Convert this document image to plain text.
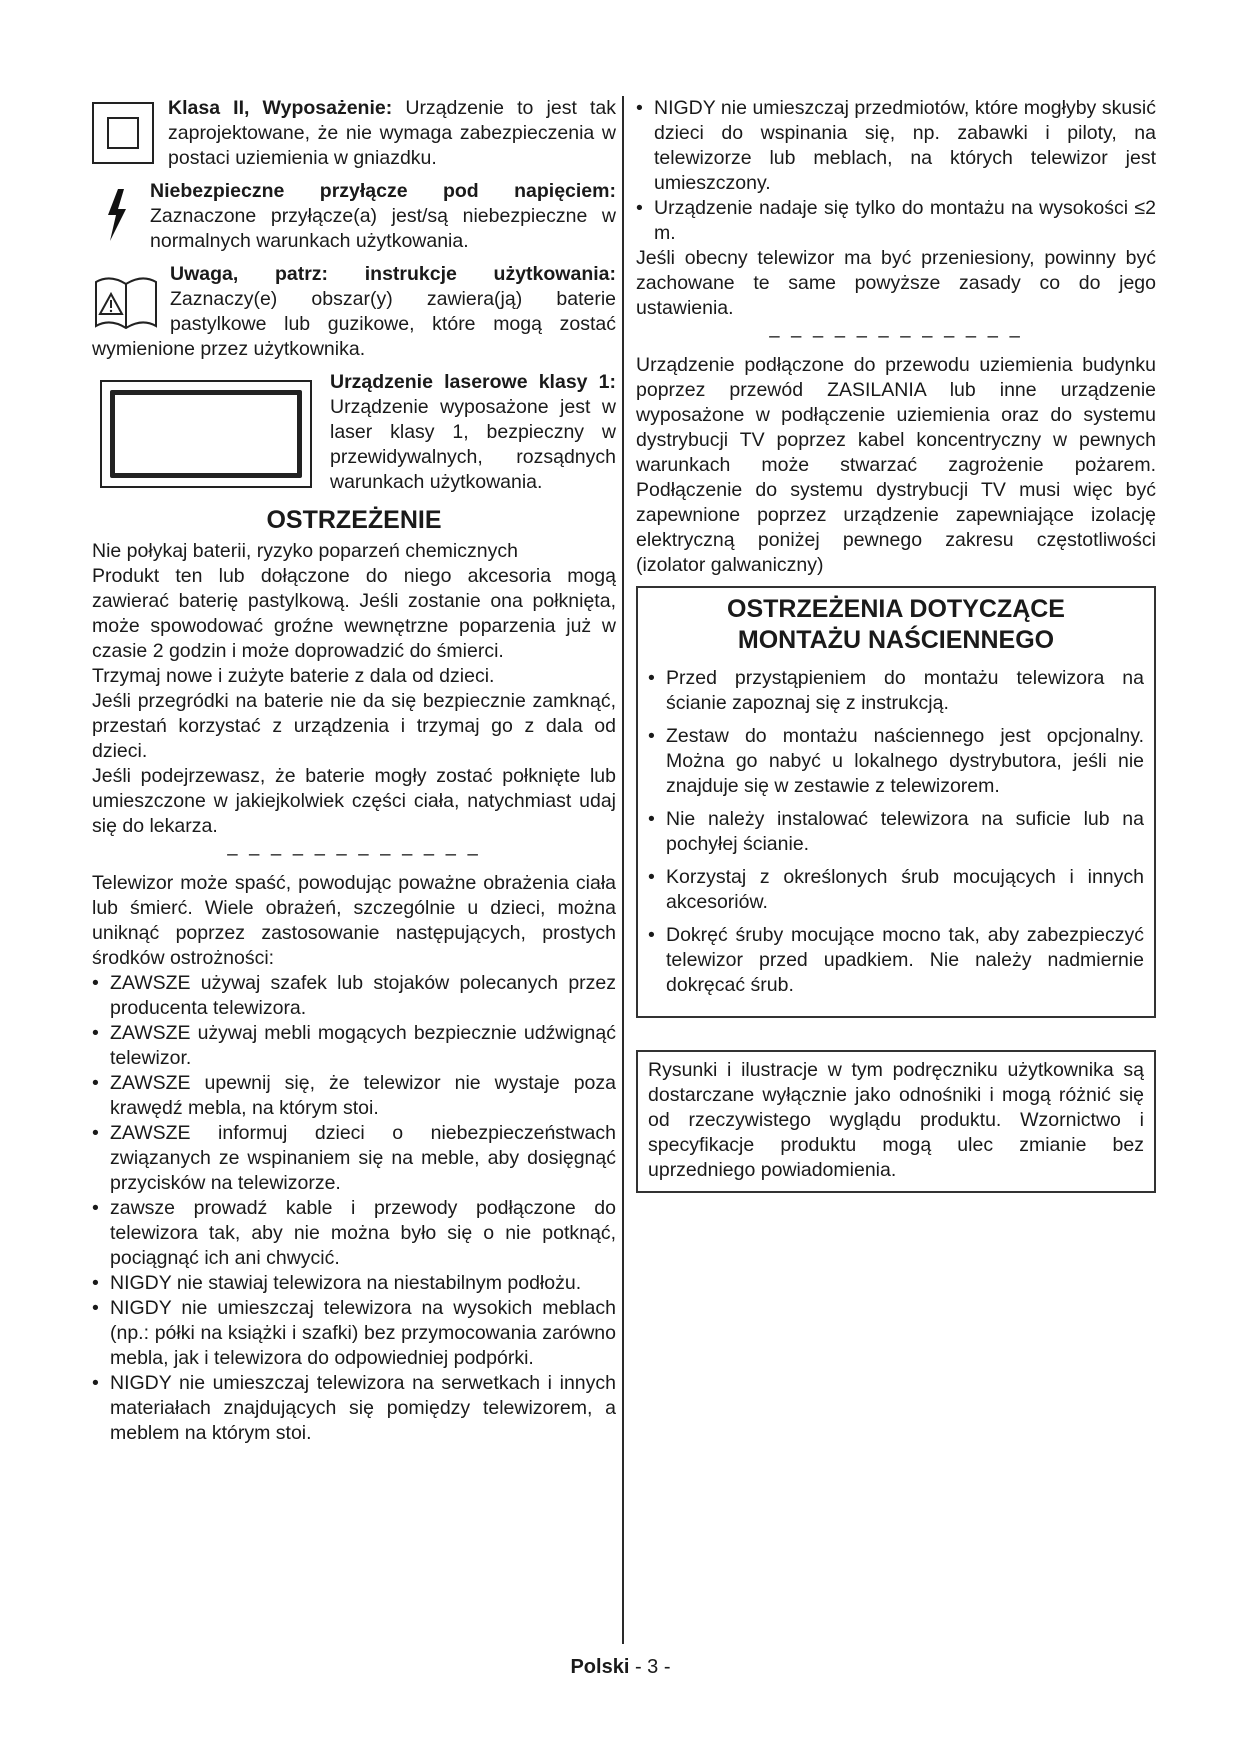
Klasa II, Wyposażenie: Urządzenie to jest tak zaprojektowane, że nie wymaga zabezpieczenia w postaci uziemienia w gniazdku.

Niebezpieczne przyłącze pod napięciem: Zaznaczone przyłącze(a) jest/są niebezpieczne w normalnych warunkach użytkowania.

Uwaga, patrz: instrukcje użytkowania: Zaznaczy(e) obszar(y) zawiera(ją) baterie pastylkowe lub guzikowe, które mogą zostać wymienione przez użytkownika.

Urządzenie laserowe klasy 1: Urządzenie wyposażone jest w laser klasy 1, bezpieczny w przewidywalnych, rozsądnych warunkach użytkowania.

OSTRZEŻENIE

Nie połykaj baterii, ryzyko poparzeń chemicznych

Produkt ten lub dołączone do niego akcesoria mogą zawierać baterię pastylkową. Jeśli zostanie ona połknięta, może spowodować groźne wewnętrzne poparzenia już w czasie 2 godzin i może doprowadzić do śmierci.

Trzymaj nowe i zużyte baterie z dala od dzieci.

Jeśli przegródki na baterie nie da się bezpiecznie zamknąć, przestań korzystać z urządzenia i trzymaj go z dala od dzieci.

Jeśli podejrzewasz, że baterie mogły zostać połknięte lub umieszczone w jakiejkolwiek części ciała, natychmiast udaj się do lekarza.

– – – – – – – – – – – –

Telewizor może spaść, powodując poważne obrażenia ciała lub śmierć. Wiele obrażeń, szczególnie u dzieci, można uniknąć poprzez zastosowanie następujących, prostych środków ostrożności:

• ZAWSZE używaj szafek lub stojaków polecanych przez producenta telewizora.
• ZAWSZE używaj mebli mogących bezpiecznie udźwignąć telewizor.
• ZAWSZE upewnij się, że telewizor nie wystaje poza krawędź mebla, na którym stoi.
• ZAWSZE informuj dzieci o niebezpieczeństwach związanych ze wspinaniem się na meble, aby dosięgnąć przycisków na telewizorze.
• zawsze prowadź kable i przewody podłączone do telewizora tak, aby nie można było się o nie potknąć, pociągnąć ich ani chwycić.
• NIGDY nie stawiaj telewizora na niestabilnym podłożu.
• NIGDY nie umieszczaj telewizora na wysokich meblach (np.: półki na książki i szafki) bez przymocowania zarówno mebla, jak i telewizora do odpowiedniej podpórki.
• NIGDY nie umieszczaj telewizora na serwetkach i innych materiałach znajdujących się pomiędzy telewizorem, a meblem na którym stoi.
• NIGDY nie umieszczaj przedmiotów, które mogłyby skusić dzieci do wspinania się, np. zabawki i piloty, na telewizorze lub meblach, na których telewizor jest umieszczony.
• Urządzenie nadaje się tylko do montażu na wysokości ≤2 m.

Jeśli obecny telewizor ma być przeniesiony, powinny być zachowane te same powyższe zasady co do jego ustawienia.

– – – – – – – – – – – –

Urządzenie podłączone do przewodu uziemienia budynku poprzez przewód ZASILANIA lub inne urządzenie wyposażone w podłączenie uziemienia oraz do systemu dystrybucji TV poprzez kabel koncentryczny w pewnych warunkach może stwarzać zagrożenie pożarem. Podłączenie do systemu dystrybucji TV musi więc być zapewnione poprzez urządzenie zapewniające izolację elektryczną poniżej pewnego zakresu częstotliwości (izolator galwaniczny)

OSTRZEŻENIA DOTYCZĄCE
MONTAŻU NAŚCIENNEGO
• Przed przystąpieniem do montażu telewizora na ścianie zapoznaj się z instrukcją.
• Zestaw do montażu naściennego jest opcjonalny. Można go nabyć u lokalnego dystrybutora, jeśli nie znajduje się w zestawie z telewizorem.
• Nie należy instalować telewizora na suficie lub na pochyłej ścianie.
• Korzystaj z określonych śrub mocujących i innych akcesoriów.
• Dokręć śruby mocujące mocno tak, aby zabezpieczyć telewizor przed upadkiem. Nie należy nadmiernie dokręcać śrub.

Rysunki i ilustracje w tym podręczniku użytkownika są dostarczane wyłącznie jako odnośniki i mogą różnić się od rzeczywistego wyglądu produktu. Wzornictwo i specyfikacje produktu mogą ulec zmianie bez uprzedniego powiadomienia.

Polski - 3 -
